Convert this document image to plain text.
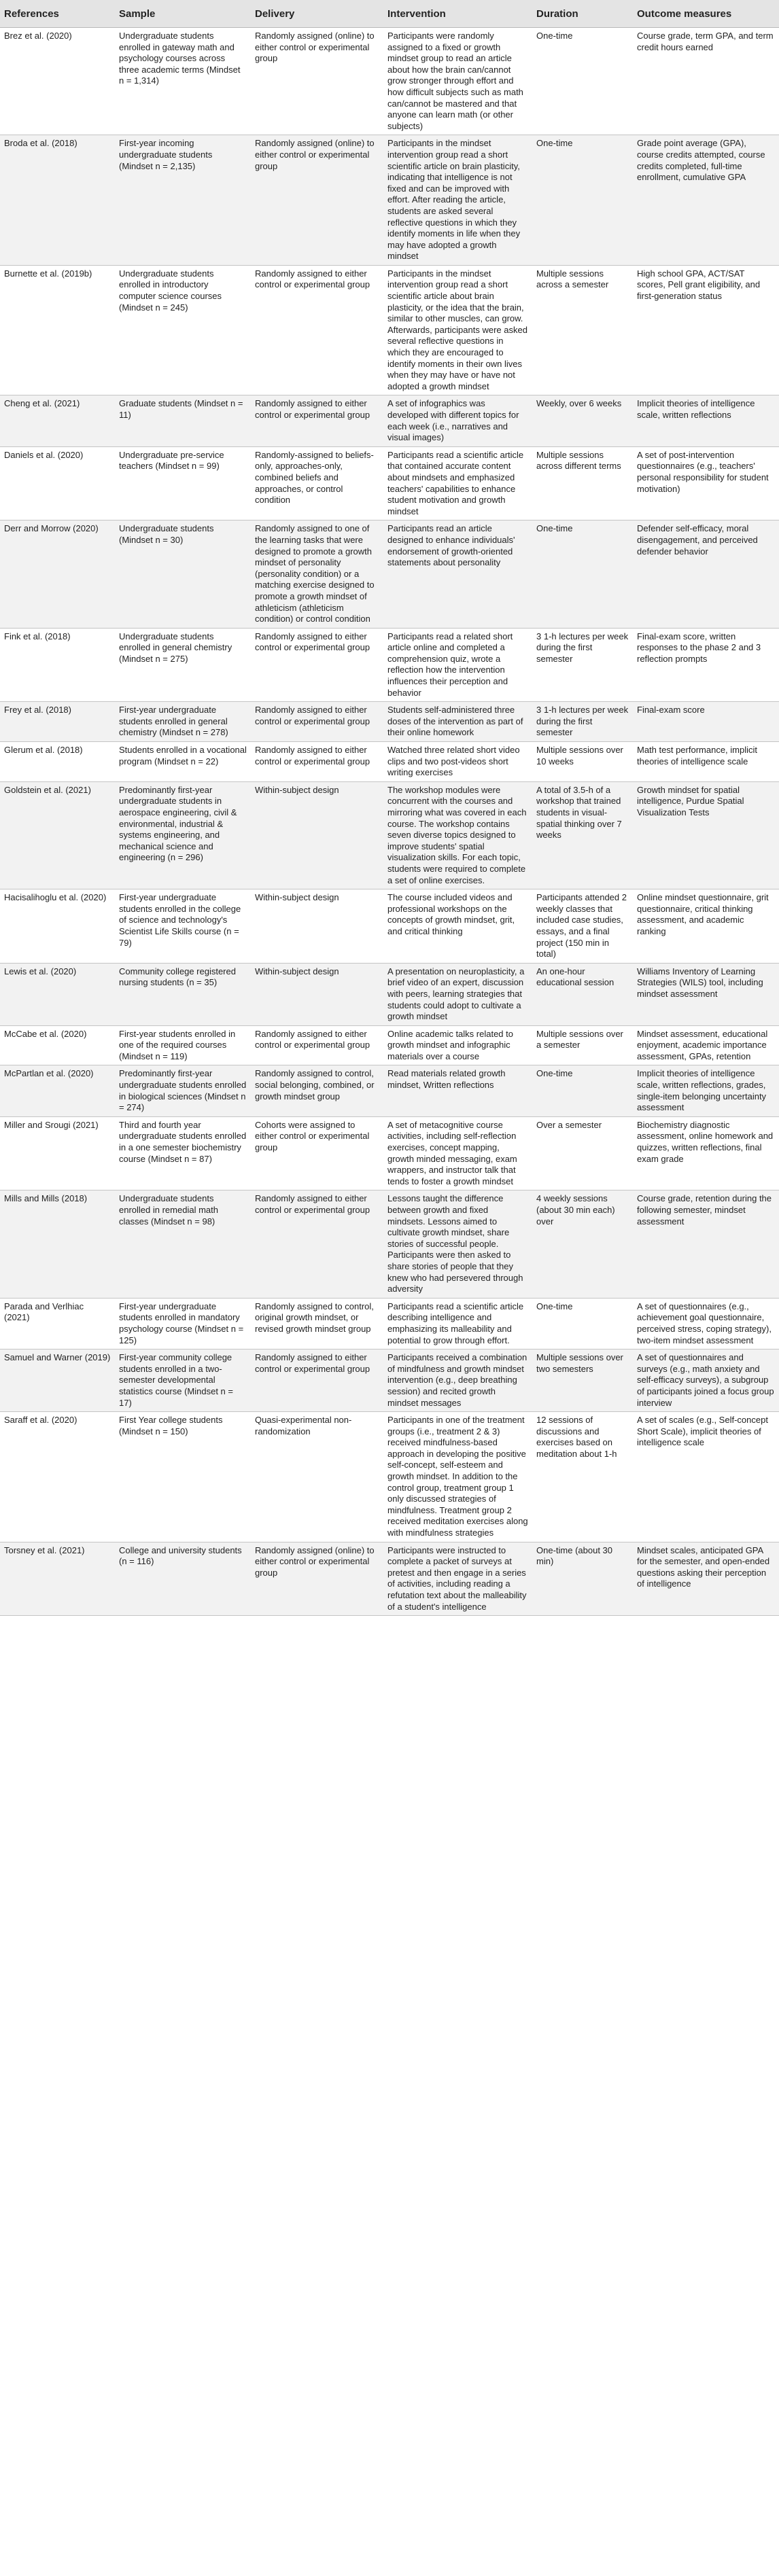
References	Sample	Delivery	Intervention	Duration	Outcome measures
Brez et al. (2020)	Undergraduate students enrolled in gateway math and psychology courses across three academic terms (Mindset n = 1,314)	Randomly assigned (online) to either control or experimental group	Participants were randomly assigned to a fixed or growth mindset group to read an article about how the brain can/cannot grow stronger through effort and how difficult subjects such as math can/cannot be mastered and that anyone can learn math (or other subjects)	One-time	Course grade, term GPA, and term credit hours earned
Broda et al. (2018)	First-year incoming undergraduate students (Mindset n = 2,135)	Randomly assigned (online) to either control or experimental group	Participants in the mindset intervention group read a short scientific article on brain plasticity, indicating that intelligence is not fixed and can be improved with effort. After reading the article, students are asked several reflective questions in which they identify moments in life when they may have adopted a growth mindset	One-time	Grade point average (GPA), course credits attempted, course credits completed, full-time enrollment, cumulative GPA
Burnette et al. (2019b)	Undergraduate students enrolled in introductory computer science courses (Mindset n = 245)	Randomly assigned to either control or experimental group	Participants in the mindset intervention group read a short scientific article about brain plasticity, or the idea that the brain, similar to other muscles, can grow. Afterwards, participants were asked several reflective questions in which they are encouraged to identify moments in their own lives when they may have or have not adopted a growth mindset	Multiple sessions across a semester	High school GPA, ACT/SAT scores, Pell grant eligibility, and first-generation status
Cheng et al. (2021)	Graduate students (Mindset n = 11)	Randomly assigned to either control or experimental group	A set of infographics was developed with different topics for each week (i.e., narratives and visual images)	Weekly, over 6 weeks	Implicit theories of intelligence scale, written reflections
Daniels et al. (2020)	Undergraduate pre-service teachers (Mindset n = 99)	Randomly-assigned to beliefs-only, approaches-only, combined beliefs and approaches, or control condition	Participants read a scientific article that contained accurate content about mindsets and emphasized teachers' capabilities to enhance student motivation and growth mindset	Multiple sessions across different terms	A set of post-intervention questionnaires (e.g., teachers' personal responsibility for student motivation)
Derr and Morrow (2020)	Undergraduate students (Mindset n = 30)	Randomly assigned to one of the learning tasks that were designed to promote a growth mindset of personality (personality condition) or a matching exercise designed to promote a growth mindset of athleticism (athleticism condition) or control condition	Participants read an article designed to enhance individuals' endorsement of growth-oriented statements about personality	One-time	Defender self-efficacy, moral disengagement, and perceived defender behavior
Fink et al. (2018)	Undergraduate students enrolled in general chemistry (Mindset n = 275)	Randomly assigned to either control or experimental group	Participants read a related short article online and completed a comprehension quiz, wrote a reflection how the intervention influences their perception and behavior	3 1-h lectures per week during the first semester	Final-exam score, written responses to the phase 2 and 3 reflection prompts
Frey et al. (2018)	First-year undergraduate students enrolled in general chemistry (Mindset n = 278)	Randomly assigned to either control or experimental group	Students self-administered three doses of the intervention as part of their online homework	3 1-h lectures per week during the first semester	Final-exam score
Glerum et al. (2018)	Students enrolled in a vocational program (Mindset n = 22)	Randomly assigned to either control or experimental group	Watched three related short video clips and two post-videos short writing exercises	Multiple sessions over 10 weeks	Math test performance, implicit theories of intelligence scale
Goldstein et al. (2021)	Predominantly first-year undergraduate students in aerospace engineering, civil & environmental, industrial & systems engineering, and mechanical science and engineering (n = 296)	Within-subject design	The workshop modules were concurrent with the courses and mirroring what was covered in each course. The workshop contains seven diverse topics designed to improve students' spatial visualization skills. For each topic, students were required to complete a set of online exercises.	A total of 3.5-h of a workshop that trained students in visual-spatial thinking over 7 weeks	Growth mindset for spatial intelligence, Purdue Spatial Visualization Tests
Hacisalihoglu et al. (2020)	First-year undergraduate students enrolled in the college of science and technology's Scientist Life Skills course (n = 79)	Within-subject design	The course included videos and professional workshops on the concepts of growth mindset, grit, and critical thinking	Participants attended 2 weekly classes that included case studies, essays, and a final project (150 min in total)	Online mindset questionnaire, grit questionnaire, critical thinking assessment, and academic ranking
Lewis et al. (2020)	Community college registered nursing students (n = 35)	Within-subject design	A presentation on neuroplasticity, a brief video of an expert, discussion with peers, learning strategies that students could adopt to cultivate a growth mindset	An one-hour educational session	Williams Inventory of Learning Strategies (WILS) tool, including mindset assessment
McCabe et al. (2020)	First-year students enrolled in one of the required courses (Mindset n = 119)	Randomly assigned to either control or experimental group	Online academic talks related to growth mindset and infographic materials over a course	Multiple sessions over a semester	Mindset assessment, educational enjoyment, academic importance assessment, GPAs, retention
McPartlan et al. (2020)	Predominantly first-year undergraduate students enrolled in biological sciences (Mindset n = 274)	Randomly assigned to control, social belonging, combined, or growth mindset group	Read materials related growth mindset, Written reflections	One-time	Implicit theories of intelligence scale, written reflections, grades, single-item belonging uncertainty assessment
Miller and Srougi (2021)	Third and fourth year undergraduate students enrolled in a one semester biochemistry course (Mindset n = 87)	Cohorts were assigned to either control or experimental group	A set of metacognitive course activities, including self-reflection exercises, concept mapping, growth minded messaging, exam wrappers, and instructor talk that tends to foster a growth mindset	Over a semester	Biochemistry diagnostic assessment, online homework and quizzes, written reflections, final exam grade
Mills and Mills (2018)	Undergraduate students enrolled in remedial math classes (Mindset n = 98)	Randomly assigned to either control or experimental group	Lessons taught the difference between growth and fixed mindsets. Lessons aimed to cultivate growth mindset, share stories of successful people. Participants were then asked to share stories of people that they knew who had persevered through adversity	4 weekly sessions (about 30 min each) over	Course grade, retention during the following semester, mindset assessment
Parada and Verlhiac (2021)	First-year undergraduate students enrolled in mandatory psychology course (Mindset n = 125)	Randomly assigned to control, original growth mindset, or revised growth mindset group	Participants read a scientific article describing intelligence and emphasizing its malleability and potential to grow through effort.	One-time	A set of questionnaires (e.g., achievement goal questionnaire, perceived stress, coping strategy), two-item mindset assessment
Samuel and Warner (2019)	First-year community college students enrolled in a two-semester developmental statistics course (Mindset n = 17)	Randomly assigned to either control or experimental group	Participants received a combination of mindfulness and growth mindset intervention (e.g., deep breathing session) and recited growth mindset messages	Multiple sessions over two semesters	A set of questionnaires and surveys (e.g., math anxiety and self-efficacy surveys), a subgroup of participants joined a focus group interview
Saraff et al. (2020)	First Year college students (Mindset n = 150)	Quasi-experimental non-randomization	Participants in one of the treatment groups (i.e., treatment 2 & 3) received mindfulness-based approach in developing the positive self-concept, self-esteem and growth mindset. In addition to the control group, treatment group 1 only discussed strategies of mindfulness. Treatment group 2 received meditation exercises along with mindfulness strategies	12 sessions of discussions and exercises based on meditation about 1-h	A set of scales (e.g., Self-concept Short Scale), implicit theories of intelligence scale
Torsney et al. (2021)	College and university students (n = 116)	Randomly assigned (online) to either control or experimental group	Participants were instructed to complete a packet of surveys at pretest and then engage in a series of activities, including reading a refutation text about the malleability of a student's intelligence	One-time (about 30 min)	Mindset scales, anticipated GPA for the semester, and open-ended questions asking their perception of intelligence
